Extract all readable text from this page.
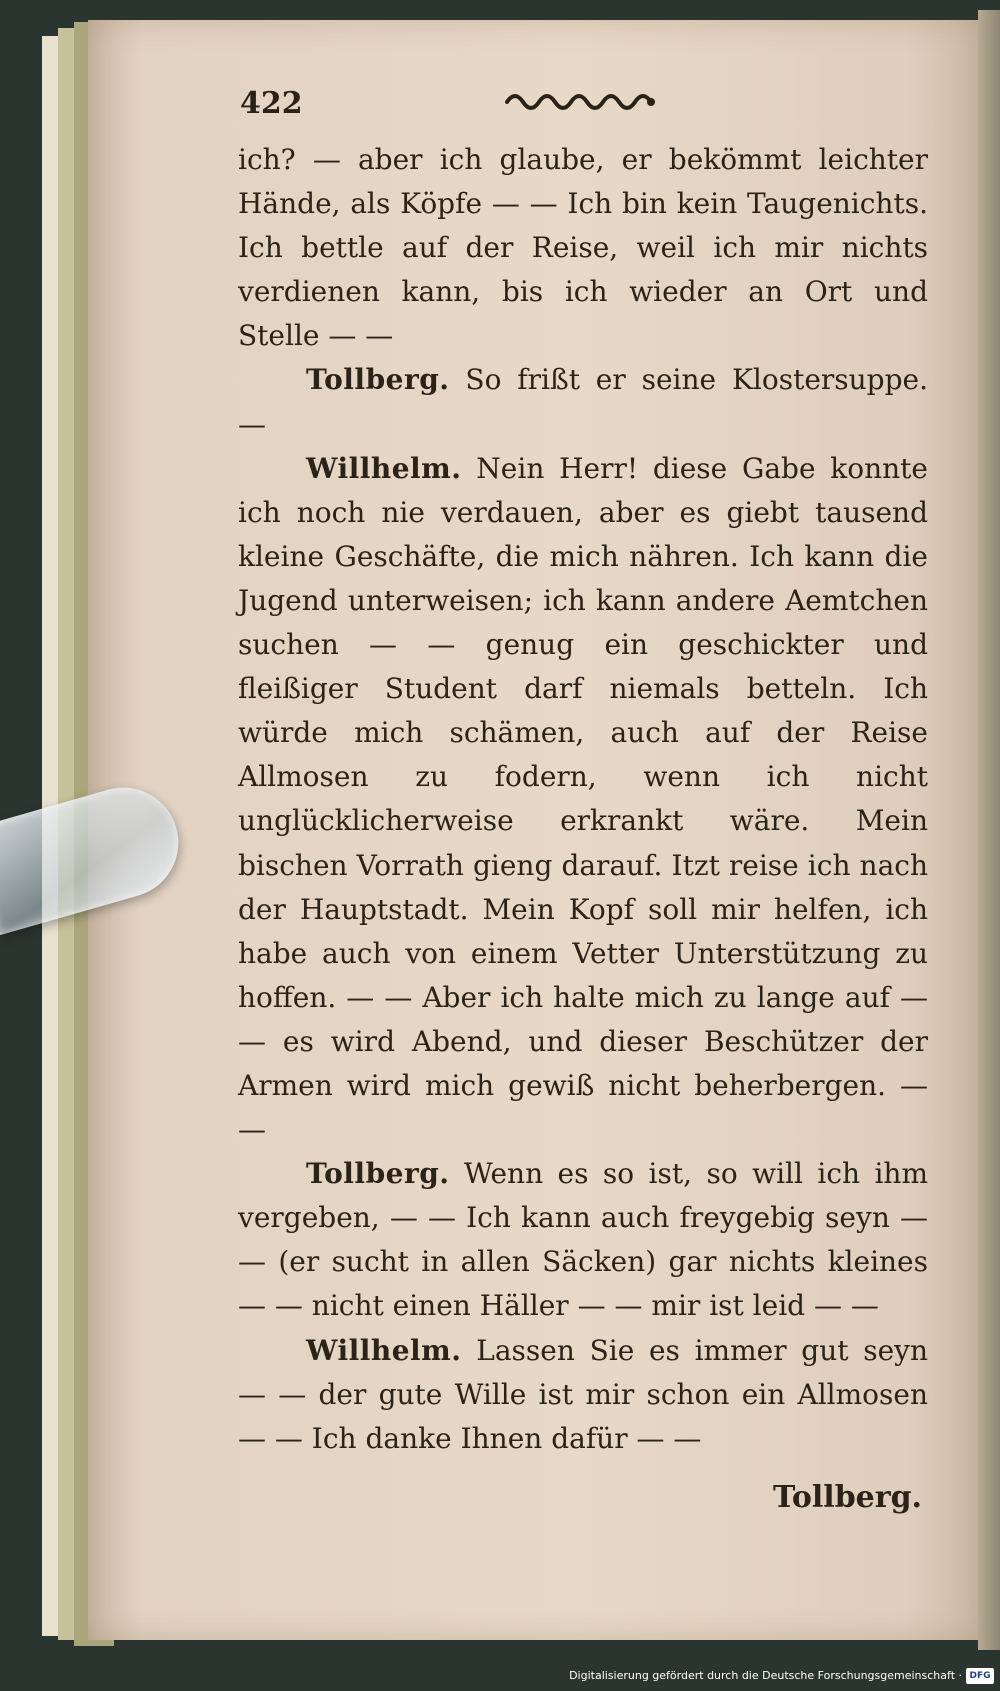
422

ich? — aber ich glaube, er bekömmt leichter Hände, als Köpfe — — Ich bin kein Taugenichts. Ich bettle auf der Reise, weil ich mir nichts verdienen kann, bis ich wieder an Ort und Stelle — —

Tollberg. So frißt er seine Klostersuppe. —

Willhelm. Nein Herr! diese Gabe konnte ich noch nie verdauen, aber es giebt tausend kleine Geschäfte, die mich nähren. Ich kann die Jugend unterweisen; ich kann andere Aemtchen suchen — — genug ein geschickter und fleißiger Student darf niemals betteln. Ich würde mich schämen, auch auf der Reise Allmosen zu fodern, wenn ich nicht unglücklicherweise erkrankt wäre. Mein bischen Vorrath gieng darauf. Itzt reise ich nach der Hauptstadt. Mein Kopf soll mir helfen, ich habe auch von einem Vetter Unterstützung zu hoffen. — — Aber ich halte mich zu lange auf — — es wird Abend, und dieser Beschützer der Armen wird mich gewiß nicht beherbergen. — —

Tollberg. Wenn es so ist, so will ich ihm vergeben, — — Ich kann auch freygebig seyn — — (er sucht in allen Säcken) gar nichts kleines — — nicht einen Häller — — mir ist leid — —

Willhelm. Lassen Sie es immer gut seyn — — der gute Wille ist mir schon ein Allmosen — — Ich danke Ihnen dafür — —

Tollberg.
Digitalisierung gefördert durch die Deutsche Forschungsgemeinschaft · DFG
